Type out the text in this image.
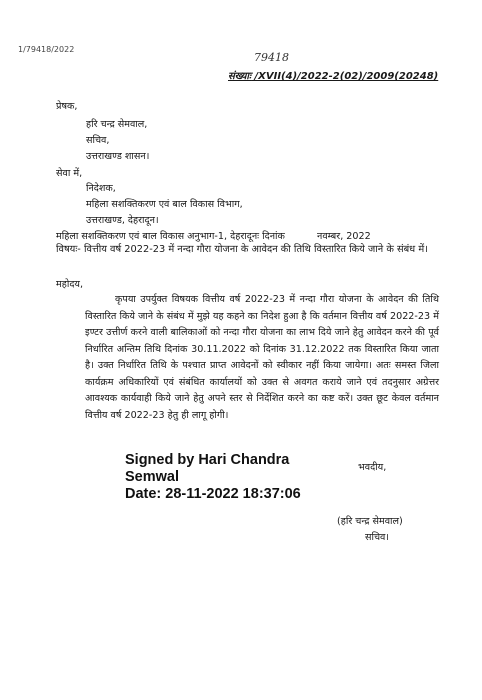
1/79418/2022
79418
संख्याः /XVII(4)/2022-2(02)/2009(20248)
प्रेषक,
हरि चन्द्र सेमवाल,
सचिव,
उत्तराखण्ड शासन।
सेवा में,
निदेशक,
महिला सशक्तिकरण एवं बाल विकास विभाग,
उत्तराखण्ड, देहरादून।
महिला सशक्तिकरण एवं बाल विकास अनुभाग-1, देहरादूनः दिनांक	नवम्बर, 2022

विषयः- वित्तीय वर्ष 2022-23 में नन्दा गौरा योजना के आवेदन की तिथि विस्तारित किये जाने के संबंध में।

महोदय,

कृपया उपर्युक्त विषयक वित्तीय वर्ष 2022-23 में नन्दा गौरा योजना के आवेदन की तिथि विस्तारित किये जाने के संबंध में मुझे यह कहने का निदेश हुआ है कि वर्तमान वित्तीय वर्ष 2022-23 में इण्टर उत्तीर्ण करने वाली बालिकाओं को नन्दा गौरा योजना का लाभ दिये जाने हेतु आवेदन करने की पूर्व निर्धारित अन्तिम तिथि दिनांक 30.11.2022 को दिनांक 31.12.2022 तक विस्तारित किया जाता है। उक्त निर्धारित तिथि के पश्चात प्राप्त आवेदनों को स्वीकार नहीं किया जायेगा। अतः समस्त जिला कार्यक्रम अधिकारियों एवं संबंधित कार्यालयों को उक्त से अवगत कराये जाने एवं तदनुसार अग्रेत्तर आवश्यक कार्यवाही किये जाने हेतु अपने स्तर से निर्देशित करने का कष्ट करें। उक्त छूट केवल वर्तमान वित्तीय वर्ष 2022-23 हेतु ही लागू होगी।

Signed by Hari Chandra
Semwal
Date: 28-11-2022 18:37:06
भवदीय,
(हरि चन्द्र सेमवाल)
सचिव।
